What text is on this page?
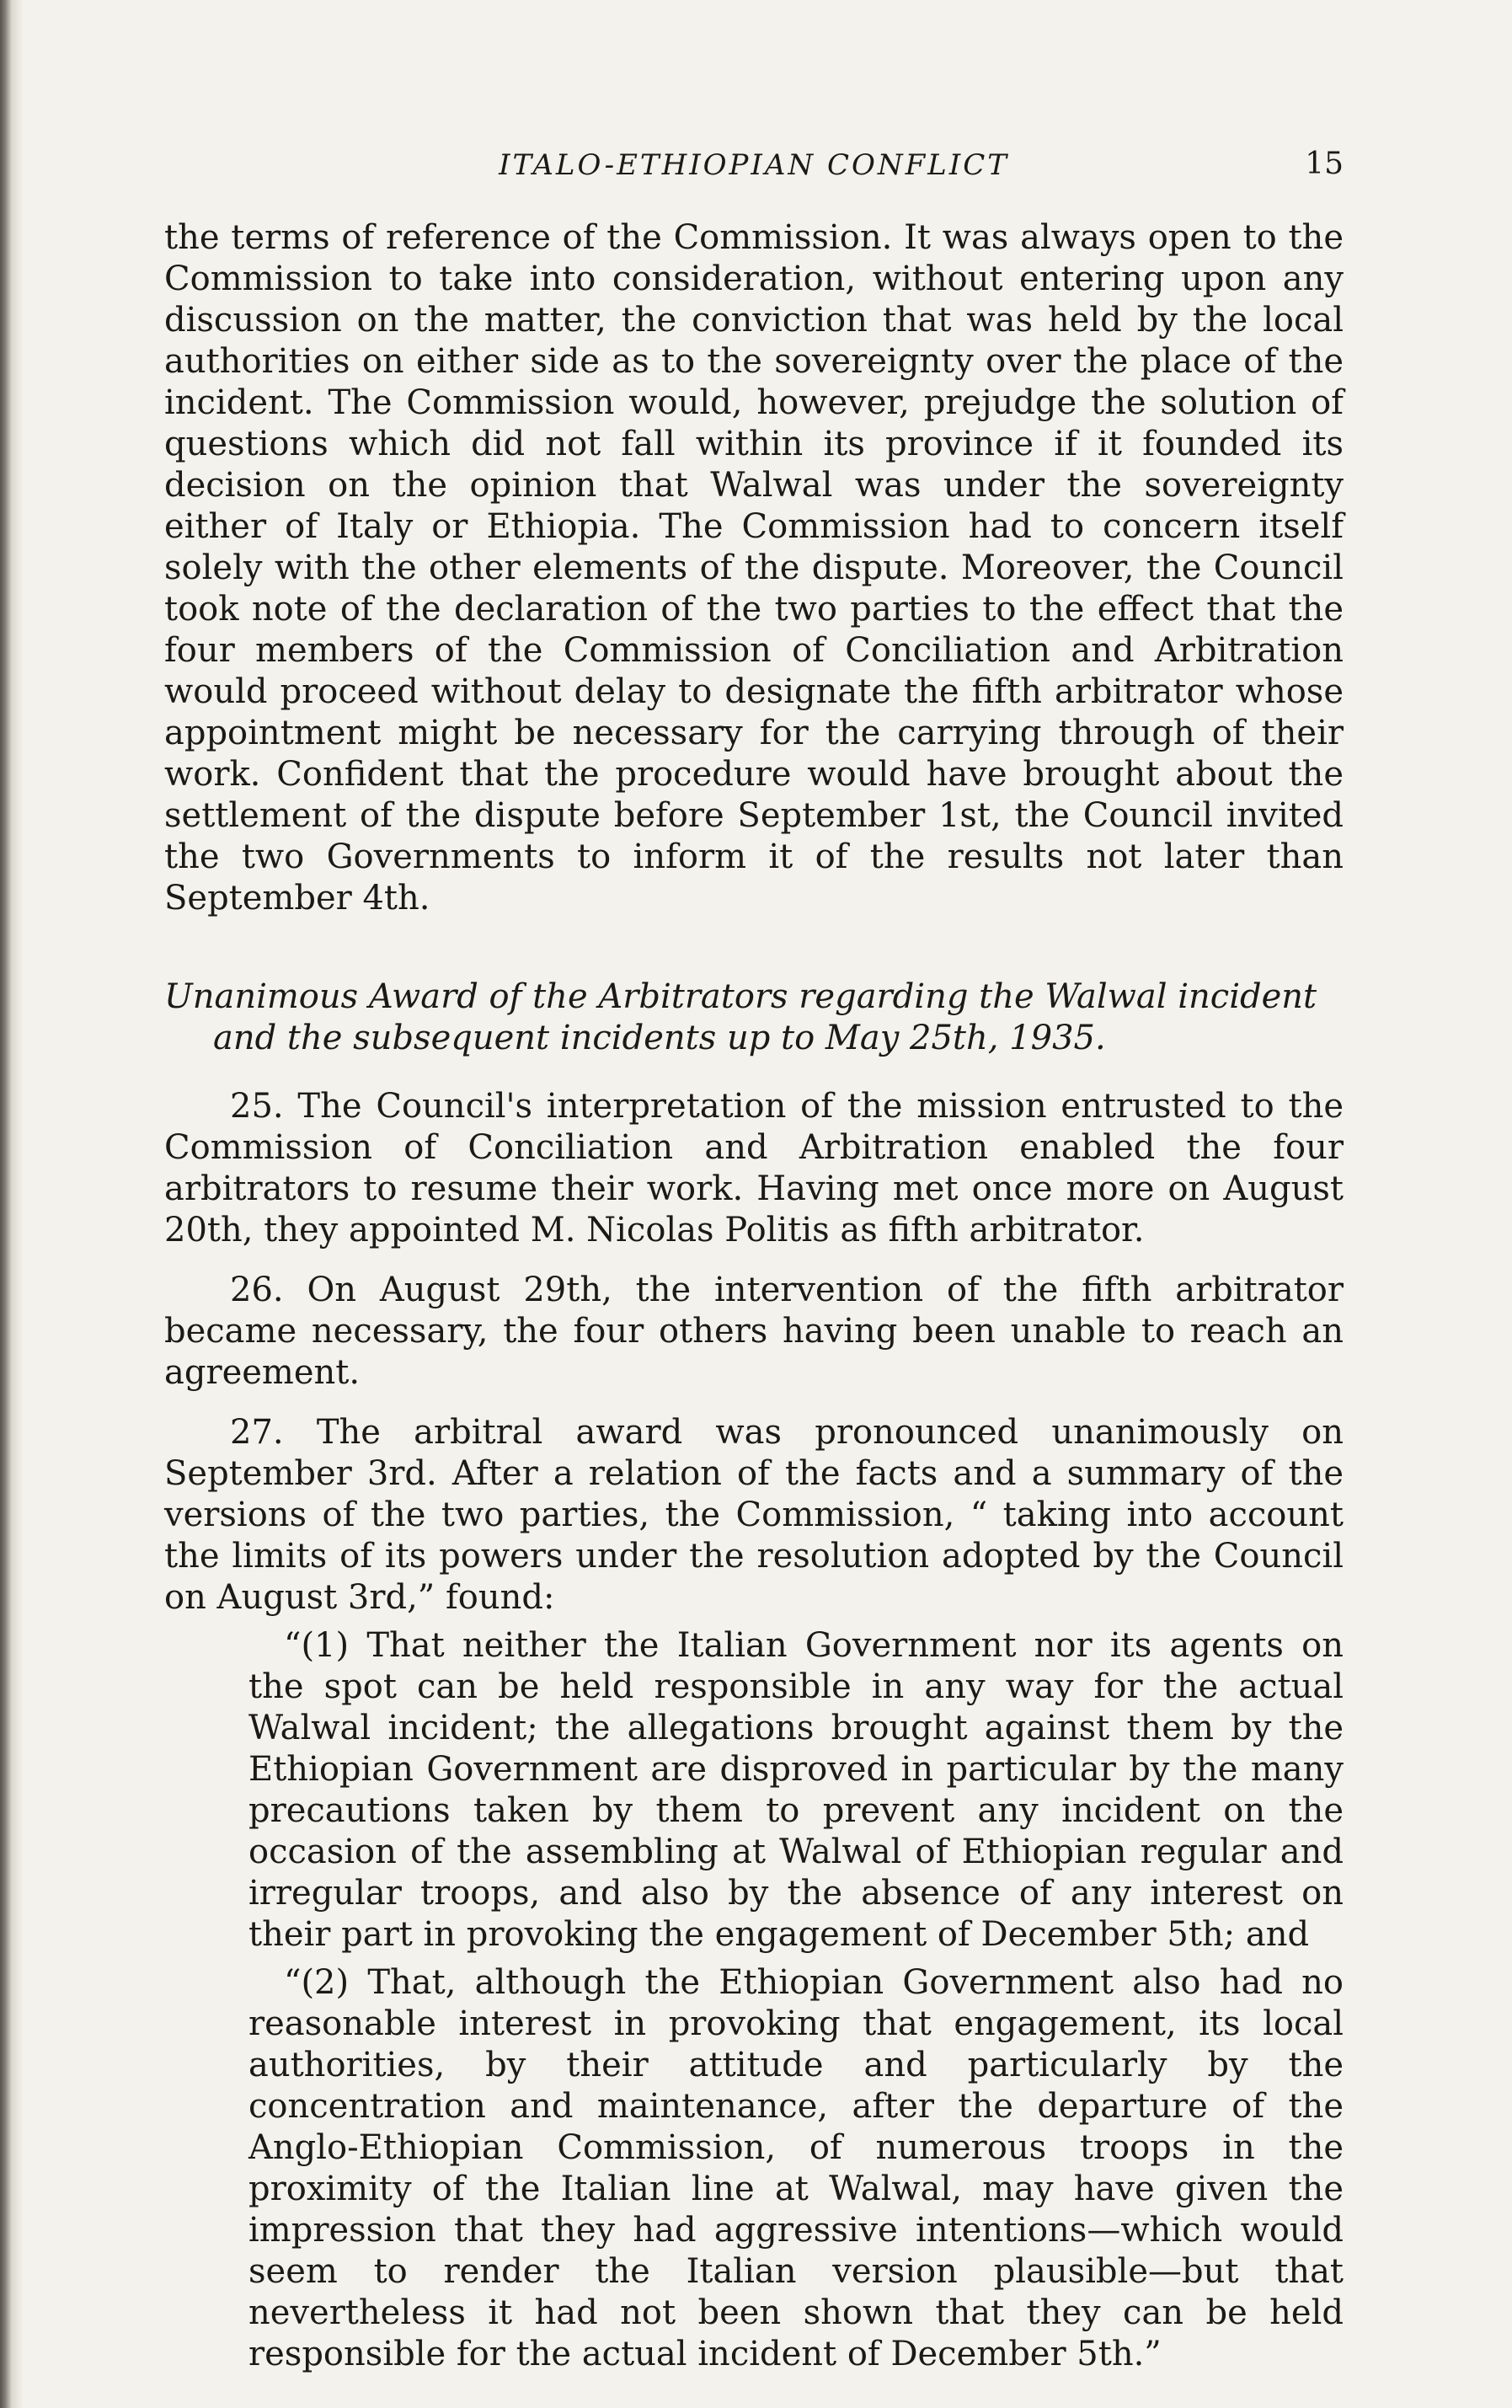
ITALO-ETHIOPIAN CONFLICT	15

the terms of reference of the Commission. It was always open to the Commission to take into consideration, without entering upon any discussion on the matter, the conviction that was held by the local authorities on either side as to the sovereignty over the place of the incident. The Commission would, however, prejudge the solution of questions which did not fall within its province if it founded its decision on the opinion that Walwal was under the sovereignty either of Italy or Ethiopia. The Commission had to concern itself solely with the other elements of the dispute. Moreover, the Council took note of the declaration of the two parties to the effect that the four members of the Commission of Conciliation and Arbitration would proceed without delay to designate the fifth arbitrator whose appointment might be necessary for the carrying through of their work. Confident that the procedure would have brought about the settlement of the dispute before September 1st, the Council invited the two Governments to inform it of the results not later than September 4th.

Unanimous Award of the Arbitrators regarding the Walwal incident and the subsequent incidents up to May 25th, 1935.

25. The Council's interpretation of the mission entrusted to the Commission of Conciliation and Arbitration enabled the four arbitrators to resume their work. Having met once more on August 20th, they appointed M. Nicolas Politis as fifth arbitrator.

26. On August 29th, the intervention of the fifth arbitrator became necessary, the four others having been unable to reach an agreement.

27. The arbitral award was pronounced unanimously on September 3rd. After a relation of the facts and a summary of the versions of the two parties, the Commission, “ taking into account the limits of its powers under the resolution adopted by the Council on August 3rd,” found:

“(1) That neither the Italian Government nor its agents on the spot can be held responsible in any way for the actual Walwal incident; the allegations brought against them by the Ethiopian Government are disproved in particular by the many precautions taken by them to prevent any incident on the occasion of the assembling at Walwal of Ethiopian regular and irregular troops, and also by the absence of any interest on their part in provoking the engagement of December 5th; and

“(2) That, although the Ethiopian Government also had no reasonable interest in provoking that engagement, its local authorities, by their attitude and particularly by the concentration and maintenance, after the departure of the Anglo-Ethiopian Commission, of numerous troops in the proximity of the Italian line at Walwal, may have given the impression that they had aggressive intentions—which would seem to render the Italian version plausible—but that nevertheless it had not been shown that they can be held responsible for the actual incident of December 5th.”
